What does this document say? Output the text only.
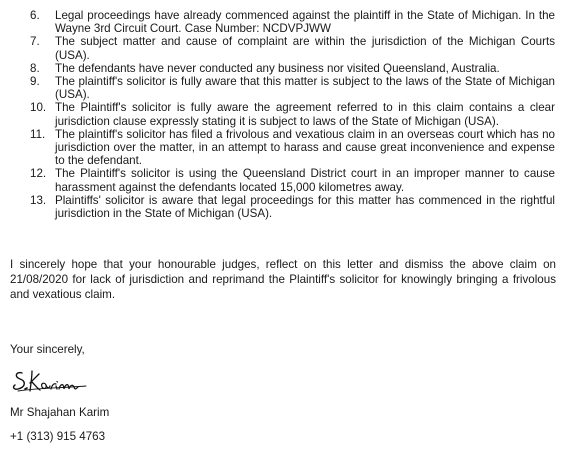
6.	Legal proceedings have already commenced against the plaintiff in the State of Michigan. In the Wayne 3rd Circuit Court. Case Number: NCDVPJWW
7.	The subject matter and cause of complaint are within the jurisdiction of the Michigan Courts (USA).
8.	The defendants have never conducted any business nor visited Queensland, Australia.
9.	The plaintiff's solicitor is fully aware that this matter is subject to the laws of the State of Michigan (USA).
10. The Plaintiff's solicitor is fully aware the agreement referred to in this claim contains a clear jurisdiction clause expressly stating it is subject to laws of the State of Michigan (USA).
11. The plaintiff's solicitor has filed a frivolous and vexatious claim in an overseas court which has no jurisdiction over the matter, in an attempt to harass and cause great inconvenience and expense to the defendant.
12. The Plaintiff's solicitor is using the Queensland District court in an improper manner to cause harassment against the defendants located 15,000 kilometres away.
13. Plaintiffs' solicitor is aware that legal proceedings for this matter has commenced in the rightful jurisdiction in the State of Michigan (USA).

I sincerely hope that your honourable judges, reflect on this letter and dismiss the above claim on 21/08/2020 for lack of jurisdiction and reprimand the Plaintiff's solicitor for knowingly bringing a frivolous and vexatious claim.

Your sincerely,

Mr Shajahan Karim

+1 (313) 915 4763
